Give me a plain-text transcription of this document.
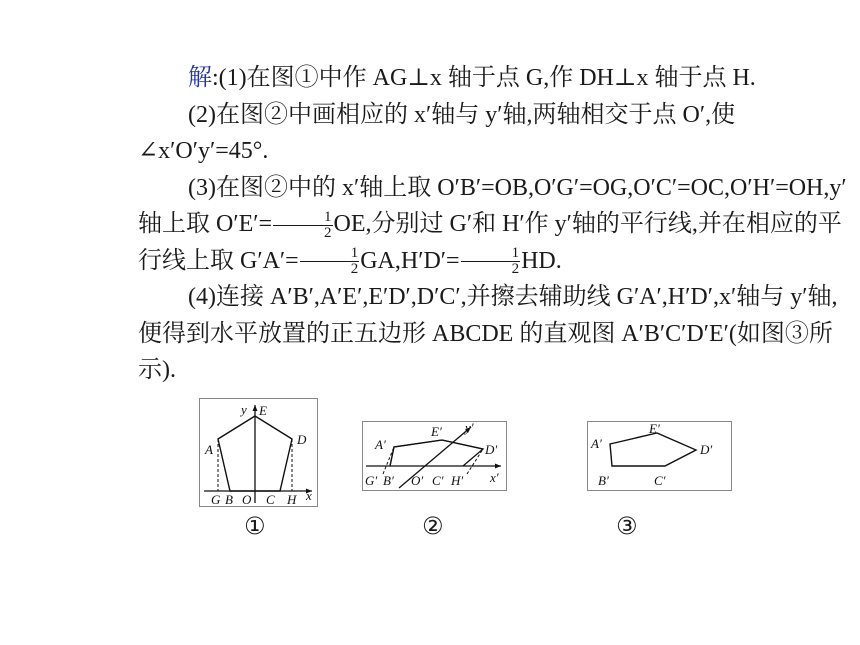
解:(1)在图①中作 AG⊥x 轴于点 G,作 DH⊥x 轴于点 H.

(2)在图②中画相应的 x′轴与 y′轴,两轴相交于点 O′,使∠x′O′y′=45°.

(3)在图②中的 x′轴上取 O′B′=OB,O′G′=OG,O′C′=OC,O′H′=OH,y′轴上取 $O'E'= \frac{1}{2}$ OE,分别过 G′和 H′作 y′轴的平行线,并在相应的平行线上取 $G'A'= \frac{1}{2} GA,H'D'= \frac{1}{2}$ HD.

(4)连接 A′B′,A′E′,E′D′,D′C′,并擦去辅助线 G′A′,H′D′,x′轴与 y′轴,便得到水平放置的正五边形 ABCDE 的直观图 A′B′C′D′E′(如图③所示).

y E
A
D
G B O C H x
A′
E′ y′
D′
G′ B′ O′ C′ H′ x′
A′
E′
D′
B′	C′
①	②	③
